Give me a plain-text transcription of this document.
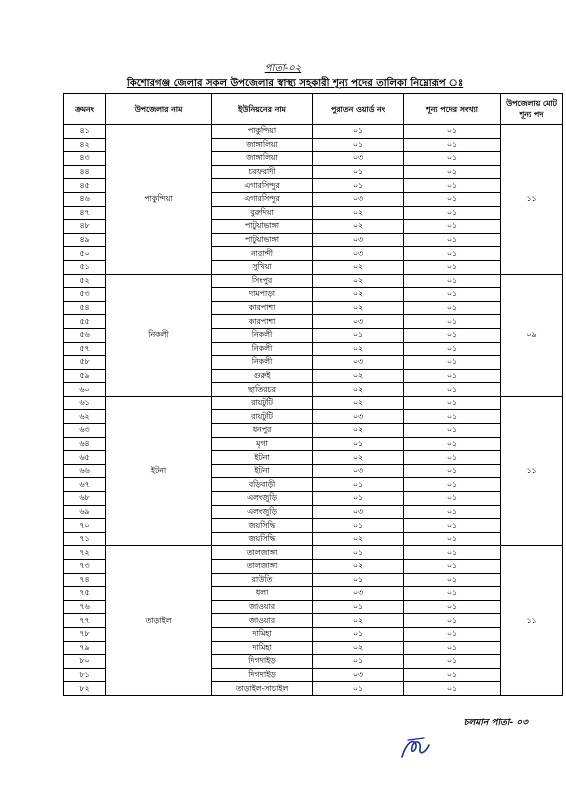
পাতা-০২
কিশোরগঞ্জ জেলার সকল উপজেলার স্বাস্থ্য সহকারী শূন্য পদের তালিকা নিম্নোরূপ ঃ
ক্রমনং	উপজেলার নাম	ইউনিয়নের নাম	পুরাতন ওয়ার্ড নং	শূন্য পদের সংখ্যা	উপজেলায় মোট শূন্য পদ
৪১	পাকুন্দিয়া	পাকুন্দিয়া	০১	০১	১১
৪২		জাঙ্গালিয়া	০১	০১	
৪৩		জাঙ্গালিয়া	০৩	০১	
৪৪		চরফরাদী	০১	০১	
৪৫		এগারসিন্দুর	০১	০১	
৪৬		এগারসিন্দুর	০৩	০১	
৪৭		বুরুদিয়া	০২	০১	
৪৮		পাটুয়াভাঙ্গা	০২	০১	
৪৯		পাটুয়াভাঙ্গা	০৩	০১	
৫০		নারান্দী	০৩	০১	
৫১		সুখিয়া	০২	০১	
৫২	নিকলী	সিংপুর	০২	০১	০৯
৫৩		দামপাড়া	০২	০১	
৫৪		কারপাশা	০২	০১	
৫৫		কারপাশা	০৩	০১	
৫৬		নিকলী	০১	০১	
৫৭		নিকলী	০২	০১	
৫৮		নিকলী	০৩	০১	
৫৯		গুরুই	০২	০১	
৬০		ছাতিরচর	০২	০১	
৬১	ইটনা	রায়টুটি	০২	০১	১১
৬২		রায়টুটি	০৩	০১	
৬৩		ধনপুর	০২	০১	
৬৪		মৃগা	০১	০১	
৬৫		ইটনা	০২	০১	
৬৬		ইটনা	০৩	০১	
৬৭		বড়িবাড়ী	০১	০১	
৬৮		এলংজুড়ি	০১	০১	
৬৯		এলংজুড়ি	০৩	০১	
৭০		জয়সিদ্ধি	০১	০১	
৭১		জয়সিদ্ধি	০২	০১	
৭২	তাড়াইল	তালজাঙ্গা	০১	০১	১১
৭৩		তালজাঙ্গা	০২	০১	
৭৪		রাউতি	০১	০১	
৭৫		ধলা	০৩	০১	
৭৬		জাওয়ার	০১	০১	
৭৭		জাওয়ার	০২	০১	
৭৮		দামিহা	০১	০১	
৭৯		দামিহা	০২	০১	
৮০		দিগদাইড়	০১	০১	
৮১		দিগদাইড়	০৩	০১	
৮২		তাড়াইল-সাচাইল	০১	০১	
চলমান পাতা- ০৩
